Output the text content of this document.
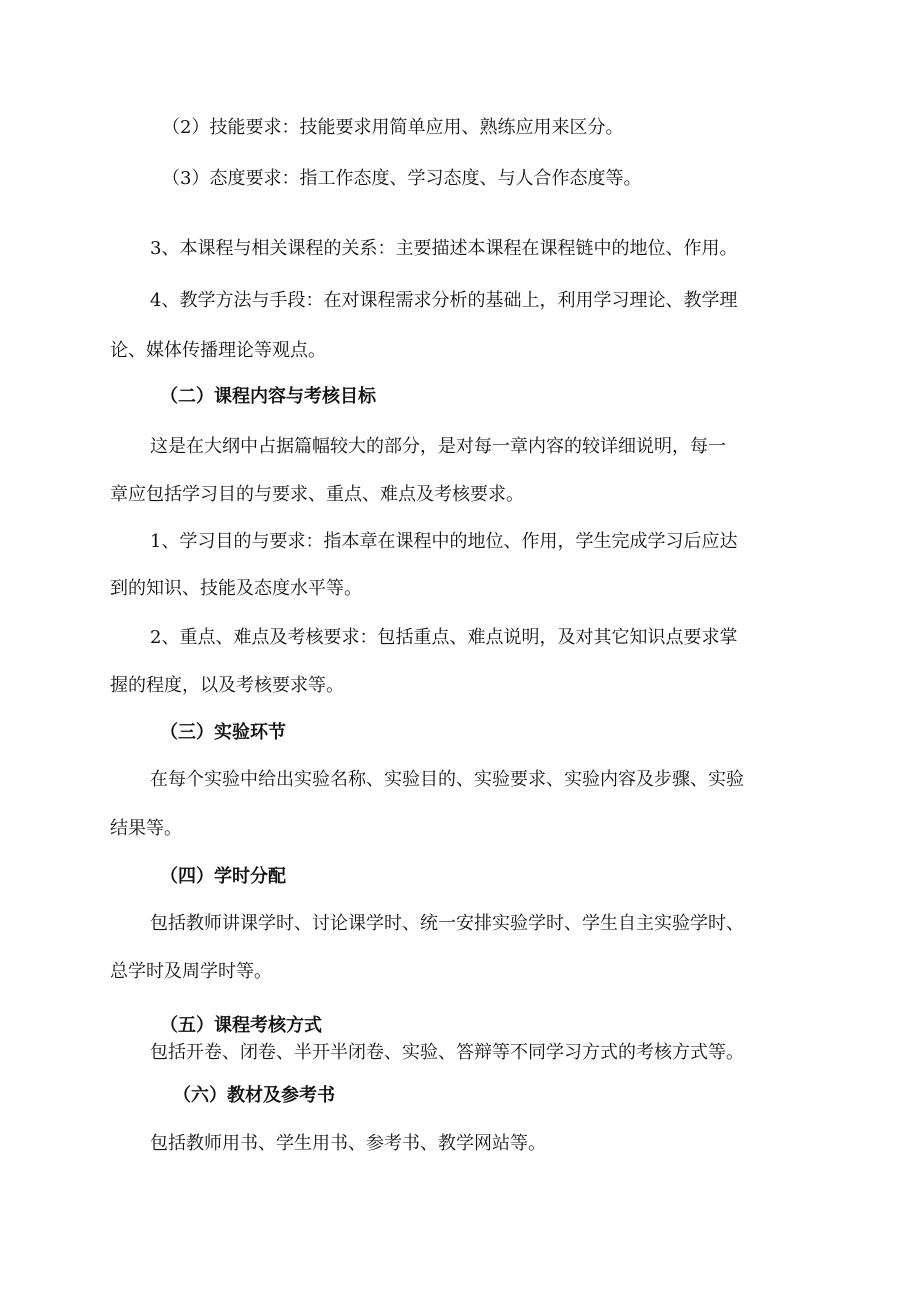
（2）技能要求：技能要求用简单应用、熟练应用来区分。
（3）态度要求：指工作态度、学习态度、与人合作态度等。
3、本课程与相关课程的关系：主要描述本课程在课程链中的地位、作用。
4、教学方法与手段：在对课程需求分析的基础上，利用学习理论、教学理
论、媒体传播理论等观点。
（二）课程内容与考核目标
这是在大纲中占据篇幅较大的部分，是对每一章内容的较详细说明，每一
章应包括学习目的与要求、重点、难点及考核要求。
1、学习目的与要求：指本章在课程中的地位、作用，学生完成学习后应达
到的知识、技能及态度水平等。
2、重点、难点及考核要求：包括重点、难点说明，及对其它知识点要求掌
握的程度，以及考核要求等。
（三）实验环节
在每个实验中给出实验名称、实验目的、实验要求、实验内容及步骤、实验
结果等。
（四）学时分配
包括教师讲课学时、讨论课学时、统一安排实验学时、学生自主实验学时、
总学时及周学时等。
（五）课程考核方式
包括开卷、闭卷、半开半闭卷、实验、答辩等不同学习方式的考核方式等。
（六）教材及参考书
包括教师用书、学生用书、参考书、教学网站等。
